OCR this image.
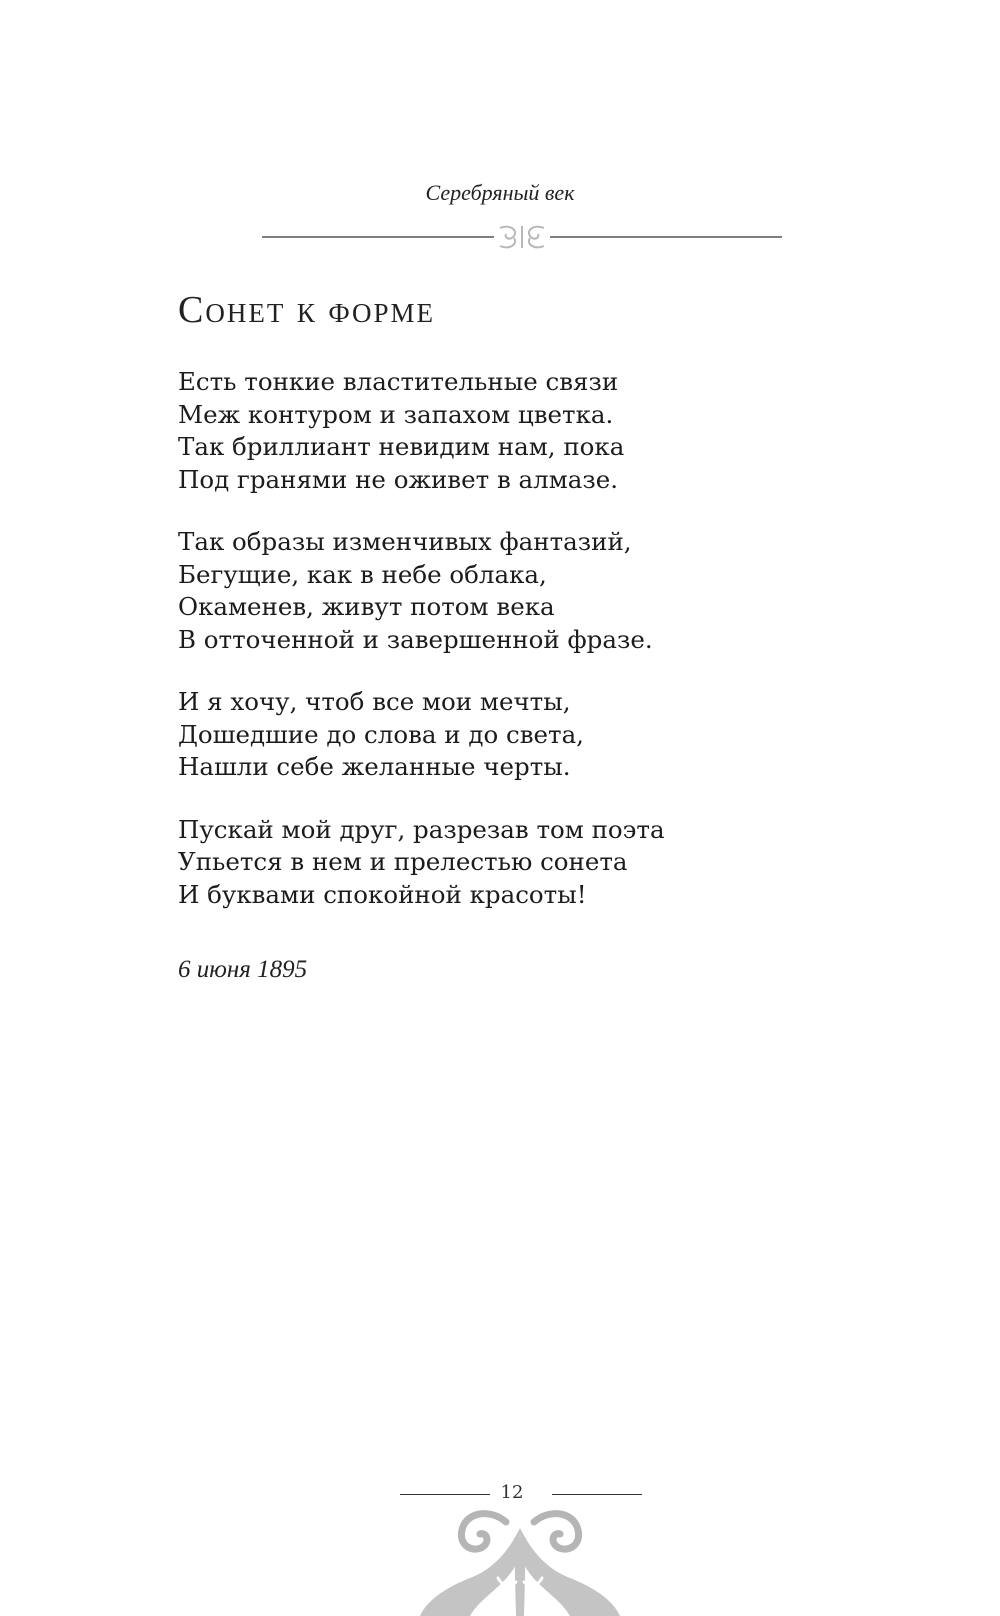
Серебряный век
Сонет к форме
Есть тонкие властительные связи
Меж контуром и запахом цветка.
Так бриллиант невидим нам, пока
Под гранями не оживет в алмазе.
Так образы изменчивых фантазий,
Бегущие, как в небе облака,
Окаменев, живут потом века
В отточенной и завершенной фразе.
И я хочу, чтоб все мои мечты,
Дошедшие до слова и до света,
Нашли себе желанные черты.
Пускай мой друг, разрезав том поэта
Упьется в нем и прелестью сонета
И буквами спокойной красоты!
6 июня 1895
12
